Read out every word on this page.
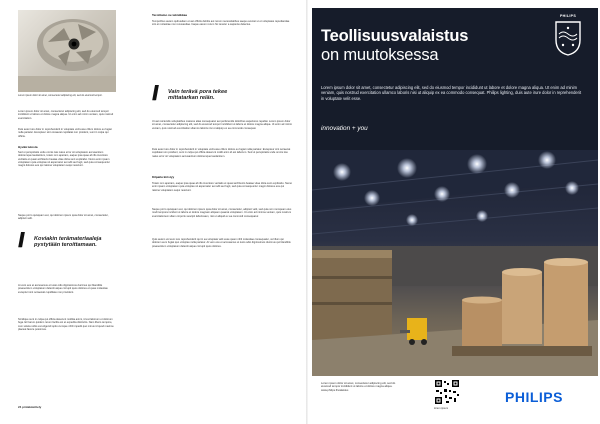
Lorem ipsum dolor sit amet, consectetur adipiscing elit, sed do eiusmod tempor.
Lorem ipsum dolor sit amet, consectetur adipiscing elit, sed do eiusmod tempor incididunt ut labore et dolore magna aliqua. Ut enim ad minim veniam, quis nostrud exercitation.
Duis aute irure dolor in reprehenderit in voluptate velit esse cillum dolore eu fugiat nulla pariatur. Excepteur sint occaecat cupidatat non proident, sunt in culpa qui officia.
Hyvää tulosta
Sed ut perspiciatis unde omnis iste natus error sit voluptatem accusantium doloremque laudantium, totam rem aperiam, eaque ipsa quae ab illo inventore veritatis et quasi architecto beatae vitae dicta sunt explicabo. Nemo enim ipsam voluptatem quia voluptas sit aspernatur aut odit aut fugit, sed quia consequuntur magni dolores eos qui ratione voluptatem sequi nesciunt.
Neque porro quisquam est, qui dolorem ipsum quia dolor sit amet, consectetur, adipisci velit.
// Koviakin terämateriaaleja pystytään teroittamaan.
At vero eos et accusamus et iusto odio dignissimos ducimus qui blanditiis praesentium voluptatum deleniti atque corrupti quos dolores et quas molestias excepturi sint occaecati cupiditate non provident.
Similique sunt in culpa qui officia deserunt mollitia animi, id est laborum et dolorum fuga. Et harum quidem rerum facilis est et expedita distinctio. Nam libero tempore, cum soluta nobis est eligendi optio cumque nihil impedit quo minus id quod maxime placeat facere possimus.
24 pintakäsittely
Teroittamo ne tekniikkaa
Temporibus autem quibusdam et aut officiis debitis aut rerum necessitatibus saepe eveniet ut et voluptates repudiandae sint et molestiae non recusandae. Itaque earum rerum hic tenetur a sapiente delectus.
// Vain terävä pora tekee mittatarkan reiän.
Ut aut reiciendis voluptatibus maiores alias consequatur aut perferendis doloribus asperiores repellat. Lorem ipsum dolor sit amet, consectetur adipiscing elit, sed do eiusmod tempor incididunt ut labore et dolore magna aliqua. Ut enim ad minim veniam, quis nostrud exercitation ullamco laboris nisi ut aliquip ex ea commodo consequat.
Duis aute irure dolor in reprehenderit in voluptate velit esse cillum dolore eu fugiat nulla pariatur. Excepteur sint occaecat cupidatat non proident, sunt in culpa qui officia deserunt mollit anim id est laborum. Sed ut perspiciatis unde omnis iste natus error sit voluptatem accusantium doloremque laudantium.
Kilpailu kiristyy
Totam rem aperiam, eaque ipsa quae ab illo inventore veritatis et quasi architecto beatae vitae dicta sunt explicabo. Nemo enim ipsam voluptatem quia voluptas sit aspernatur aut odit aut fugit, sed quia consequuntur magni dolores eos qui ratione voluptatem sequi nesciunt.
Neque porro quisquam est, qui dolorem ipsum quia dolor sit amet, consectetur, adipisci velit, sed quia non numquam eius modi tempora incidunt ut labore et dolore magnam aliquam quaerat voluptatem. Ut enim ad minima veniam, quis nostrum exercitationem ullam corporis suscipit laboriosam, nisi ut aliquid ex ea commodi consequatur.
Quis autem vel eum iure reprehenderit qui in ea voluptate velit esse quam nihil molestiae consequatur, vel illum qui dolorem eum fugiat quo voluptas nulla pariatur. At vero eos et accusamus et iusto odio dignissimos ducimus qui blanditiis praesentium voluptatum deleniti atque corrupti quos dolores.
PHILIPS
Teollisuusvalaistus
on muutoksessa
Lorem ipsum dolor sit amet, consectetur adipiscing elit, sed do eiusmod tempor incididunt ut labore et dolore magna aliqua. Ut enim ad minim veniam, quis nostrud exercitation ullamco laboris nisi ut aliquip ex ea commodo consequat. Philips lighting, duis aute irure dolor in reprehenderit in voluptate velit esse.
innovation + you
Lorem ipsum dolor sit amet, consectetur adipiscing elit, sed do eiusmod tempor incididunt ut labore et dolore magna aliqua. www.philips.fi/valaistus
lorem ipsum
PHILIPS
